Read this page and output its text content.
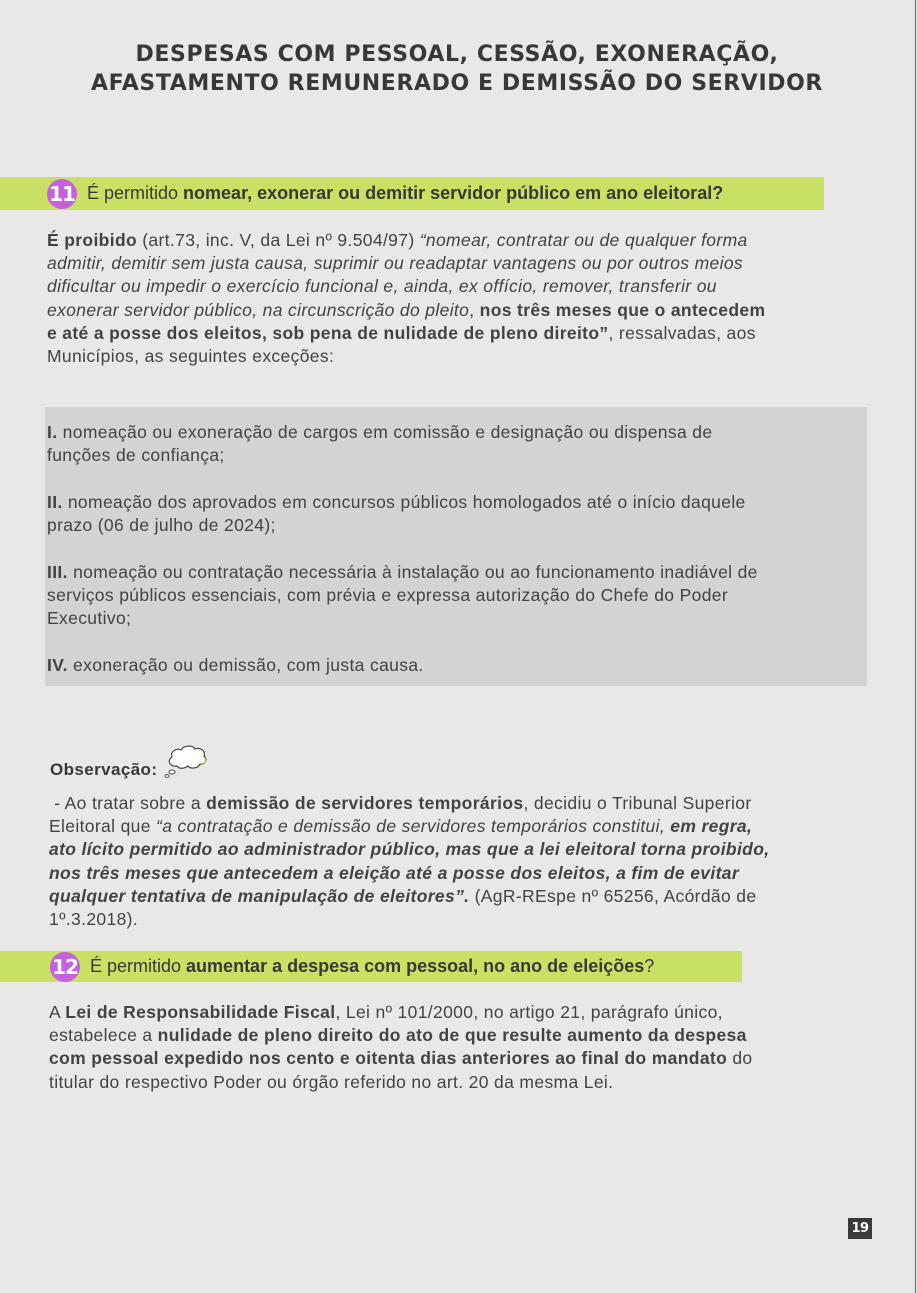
DESPESAS COM PESSOAL, CESSÃO, EXONERAÇÃO,
AFASTAMENTO REMUNERADO E DEMISSÃO DO SERVIDOR
11 É permitido nomear, exonerar ou demitir servidor público em ano eleitoral?
É proibido (art.73, inc. V, da Lei nº 9.504/97) “nomear, contratar ou de qualquer forma
admitir, demitir sem justa causa, suprimir ou readaptar vantagens ou por outros meios
dificultar ou impedir o exercício funcional e, ainda, ex offício, remover, transferir ou
exonerar servidor público, na circunscrição do pleito, nos três meses que o antecedem
e até a posse dos eleitos, sob pena de nulidade de pleno direito”, ressalvadas, aos
Municípios, as seguintes exceções:
I. nomeação ou exoneração de cargos em comissão e designação ou dispensa de
funções de confiança;
II. nomeação dos aprovados em concursos públicos homologados até o início daquele
prazo (06 de julho de 2024);
III. nomeação ou contratação necessária à instalação ou ao funcionamento inadiável de
serviços públicos essenciais, com prévia e expressa autorização do Chefe do Poder
Executivo;
IV. exoneração ou demissão, com justa causa.
Observação:
- Ao tratar sobre a demissão de servidores temporários, decidiu o Tribunal Superior
Eleitoral que “a contratação e demissão de servidores temporários constitui, em regra,
ato lícito permitido ao administrador público, mas que a lei eleitoral torna proibido,
nos três meses que antecedem a eleição até a posse dos eleitos, a fim de evitar
qualquer tentativa de manipulação de eleitores”. (AgR-REspe nº 65256, Acórdão de
1º.3.2018).
12 É permitido aumentar a despesa com pessoal, no ano de eleições ?
A Lei de Responsabilidade Fiscal, Lei nº 101/2000, no artigo 21, parágrafo único,
estabelece a nulidade de pleno direito do ato de que resulte aumento da despesa
com pessoal expedido nos cento e oitenta dias anteriores ao final do mandato do
titular do respectivo Poder ou órgão referido no art. 20 da mesma Lei.
19
